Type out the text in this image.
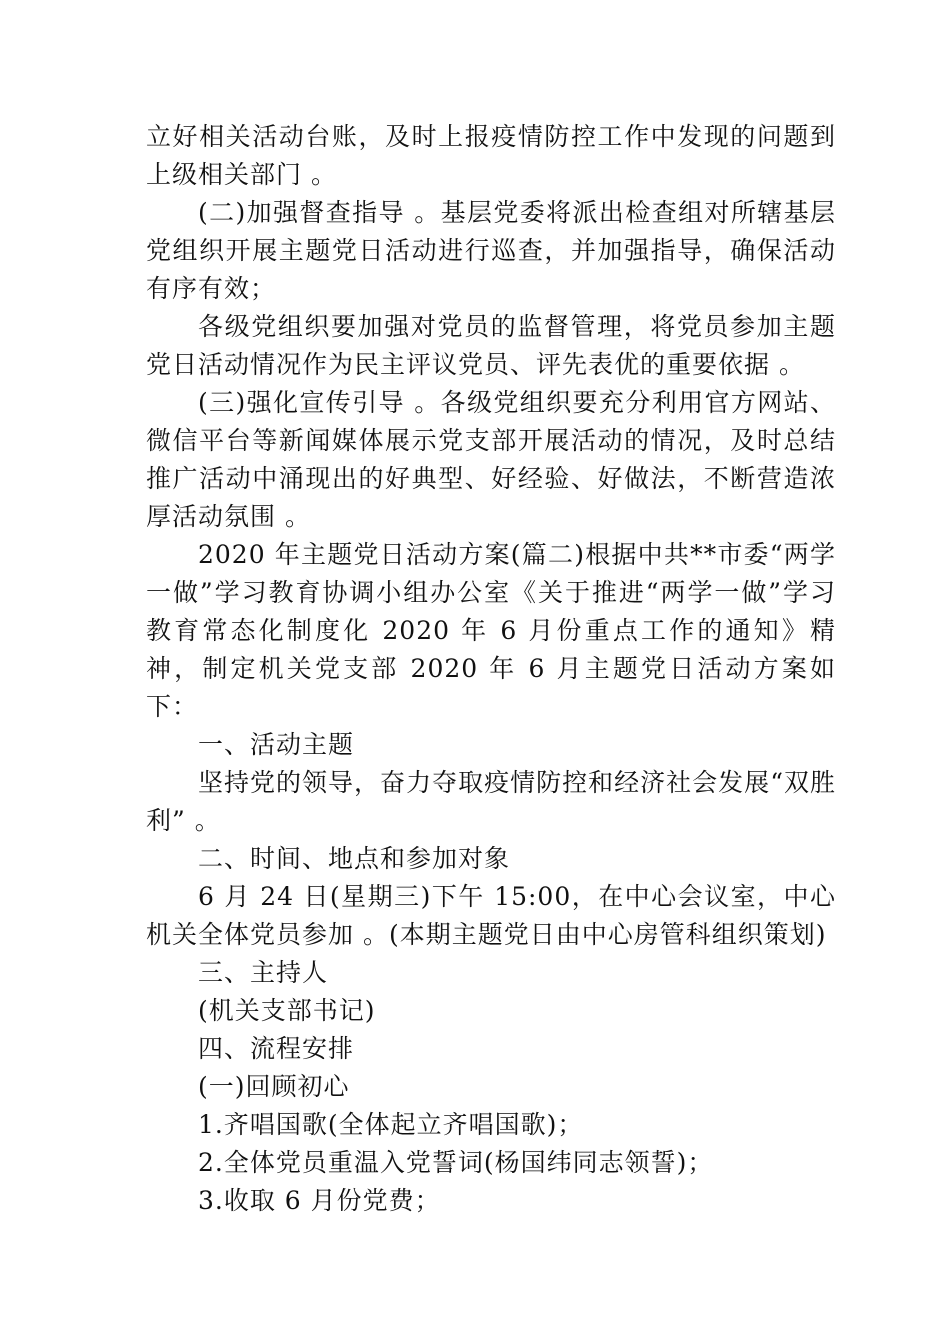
立好相关活动台账，及时上报疫情防控工作中发现的问题到上级相关部门 。

(二)加强督查指导 。基层党委将派出检查组对所辖基层党组织开展主题党日活动进行巡查，并加强指导，确保活动有序有效；

各级党组织要加强对党员的监督管理，将党员参加主题党日活动情况作为民主评议党员、评先表优的重要依据 。

(三)强化宣传引导 。各级党组织要充分利用官方网站、微信平台等新闻媒体展示党支部开展活动的情况，及时总结推广活动中涌现出的好典型、好经验、好做法，不断营造浓厚活动氛围 。

2020 年主题党日活动方案(篇二)根据中共**市委“两学一做”学习教育协调小组办公室《关于推进“两学一做”学习教育常态化制度化 2020 年 6 月份重点工作的通知》精神，制定机关党支部 2020 年 6 月主题党日活动方案如下：

一、活动主题

坚持党的领导，奋力夺取疫情防控和经济社会发展“双胜利” 。

二、时间、地点和参加对象

6 月 24 日(星期三)下午 15:00，在中心会议室，中心机关全体党员参加 。(本期主题党日由中心房管科组织策划)

三、主持人

(机关支部书记)

四、流程安排

(一)回顾初心

1.齐唱国歌(全体起立齐唱国歌)；

2.全体党员重温入党誓词(杨国纬同志领誓)；

3.收取 6 月份党费；
